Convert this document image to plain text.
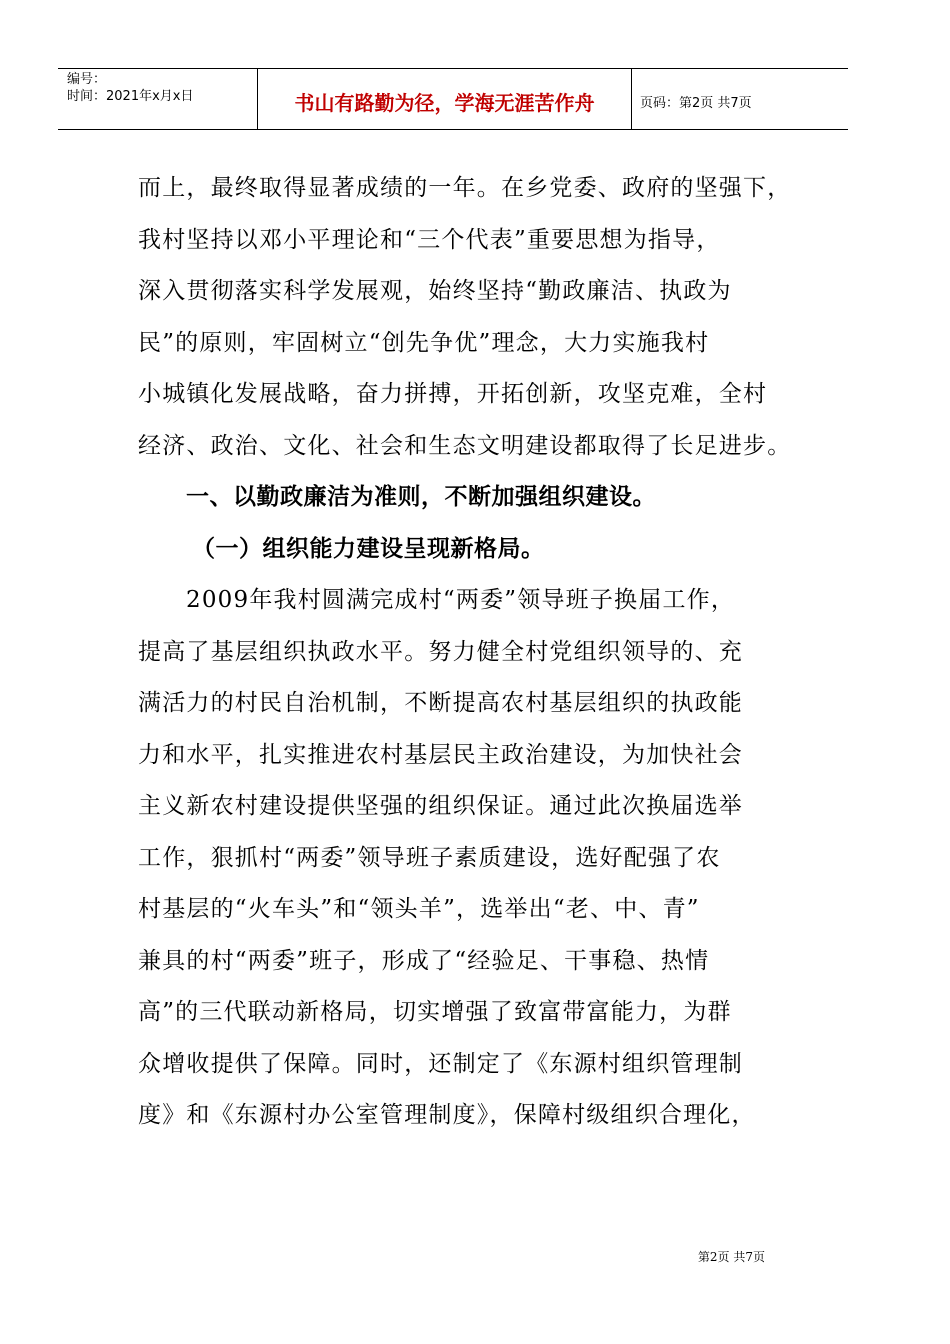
编号：
时间：2021年x月x日	书山有路勤为径，学海无涯苦作舟	页码：第2页 共7页
而上，最终取得显著成绩的一年。在乡党委、政府的坚强下，
我村坚持以邓小平理论和“三个代表”重要思想为指导，
深入贯彻落实科学发展观，始终坚持“勤政廉洁、执政为
民”的原则，牢固树立“创先争优”理念，大力实施我村
小城镇化发展战略，奋力拼搏，开拓创新，攻坚克难，全村
经济、政治、文化、社会和生态文明建设都取得了长足进步。
一、以勤政廉洁为准则，不断加强组织建设。
（一）组织能力建设呈现新格局。
2009年我村圆满完成村“两委”领导班子换届工作，
提高了基层组织执政水平。努力健全村党组织领导的、充
满活力的村民自治机制，不断提高农村基层组织的执政能
力和水平，扎实推进农村基层民主政治建设，为加快社会
主义新农村建设提供坚强的组织保证。通过此次换届选举
工作，狠抓村“两委”领导班子素质建设，选好配强了农
村基层的“火车头”和“领头羊”，选举出“老、中、青”
兼具的村“两委”班子，形成了“经验足、干事稳、热情
高”的三代联动新格局，切实增强了致富带富能力，为群
众增收提供了保障。同时，还制定了《东源村组织管理制
度》和《东源村办公室管理制度》，保障村级组织合理化，
第2页 共7页
